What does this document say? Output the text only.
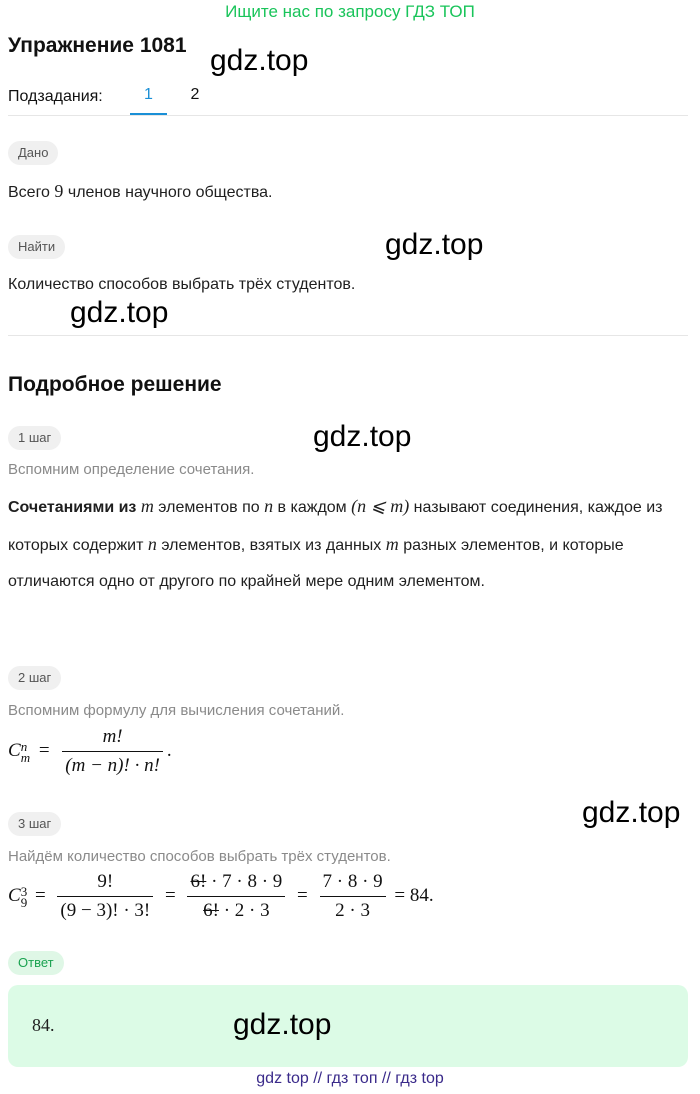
Ищите нас по запросу ГДЗ ТОП
Упражнение 1081 gdz.top
Подзадания:	1	2
Дано
Всего 9 членов научного общества.
Найти	gdz.top
Количество способов выбрать трёх студентов.
gdz.top
Подробное решение
1 шаг	gdz.top
Вспомним определение сочетания.
Сочетаниями из m элементов по n в каждом (n ⩽ m) называют соединения, каждое из которых содержит n элементов, взятых из данных m разных элементов, и которые отличаются одно от другого по крайней мере одним элементом.
2 шаг
Вспомним формулу для вычисления сочетаний.
C n
$m = \frac{m!}{(m - n)! \cdot n!}$ .
gdz.top
3 шаг
Найдём количество способов выбрать трёх студентов.
C 3
$9 = \frac{9!}{(9 - 3)! \cdot 3!} = \frac{6! \cdot 7 \cdot 8 \cdot 9}{6! \cdot 2 \cdot 3} = \frac{7 \cdot 8 \cdot 9}{2 \cdot 3} = 84$.
Ответ
84.	gdz.top
gdz top // гдз топ // гдз top
